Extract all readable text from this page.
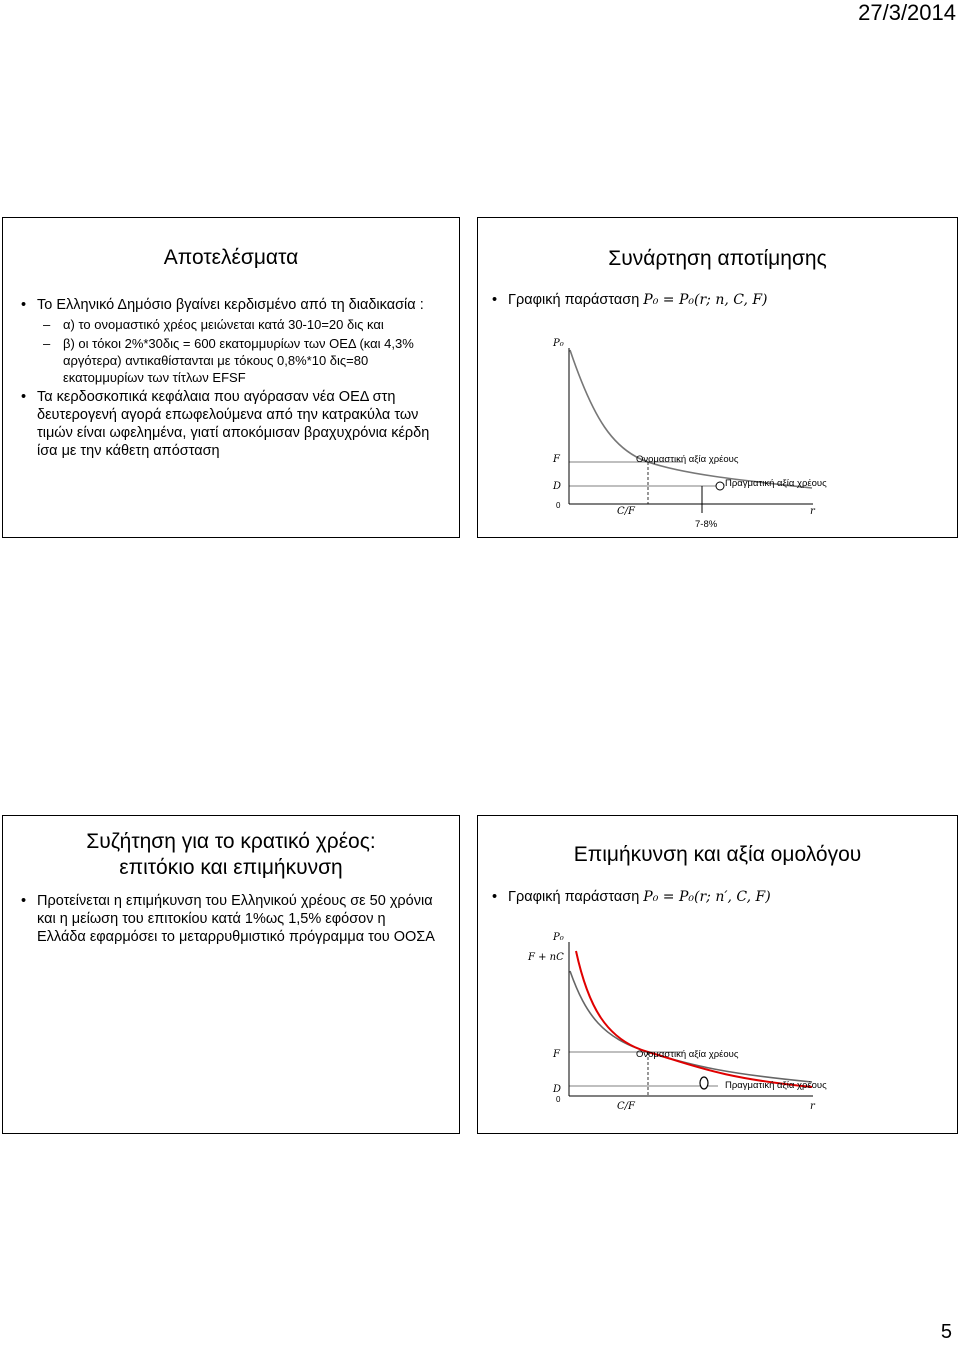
27/3/2014
Αποτελέσματα
• Το Ελληνικό Δημόσιο βγαίνει κερδισμένο από τη διαδικασία :
– α) το ονομαστικό χρέος μειώνεται κατά 30-10=20 δις και
– β) οι τόκοι 2%*30δις = 600 εκατομμυρίων των ΟΕΔ (και 4,3% αργότερα) αντικαθίστανται με τόκους 0,8%*10 δις=80 εκατομμυρίων των τίτλων EFSF
• Τα κερδοσκοπικά κεφάλαια που αγόρασαν νέα ΟΕΔ στη δευτερογενή αγορά επωφελούμενα από την κατρακύλα των τιμών είναι ωφελημένα, γιατί αποκόμισαν βραχυχρόνια κέρδη ίσα με την κάθετη απόσταση
Συνάρτηση αποτίμησης
• Γραφική παράσταση P₀ = P₀(r; n, C, F)
P₀
F
D
0
C/F	r
Ονομαστική αξία χρέους
Πραγματική αξία χρέους
7-8%
Συζήτηση για το κρατικό χρέος:
επιτόκιο και επιμήκυνση
• Προτείνεται η επιμήκυνση του Ελληνικού χρέους σε 50 χρόνια και η μείωση του επιτοκίου κατά 1%ως 1,5% εφόσον η Ελλάδα εφαρμόσει το μεταρρυθμιστικό πρόγραμμα του ΟΟΣΑ
Επιμήκυνση και αξία ομολόγου
• Γραφική παράσταση P₀ = P₀(r; n′, C, F)
P₀
F + nC
F
D
0
C/F	r
Ονομαστική αξία χρέους
Πραγματική αξία χρέους
5
